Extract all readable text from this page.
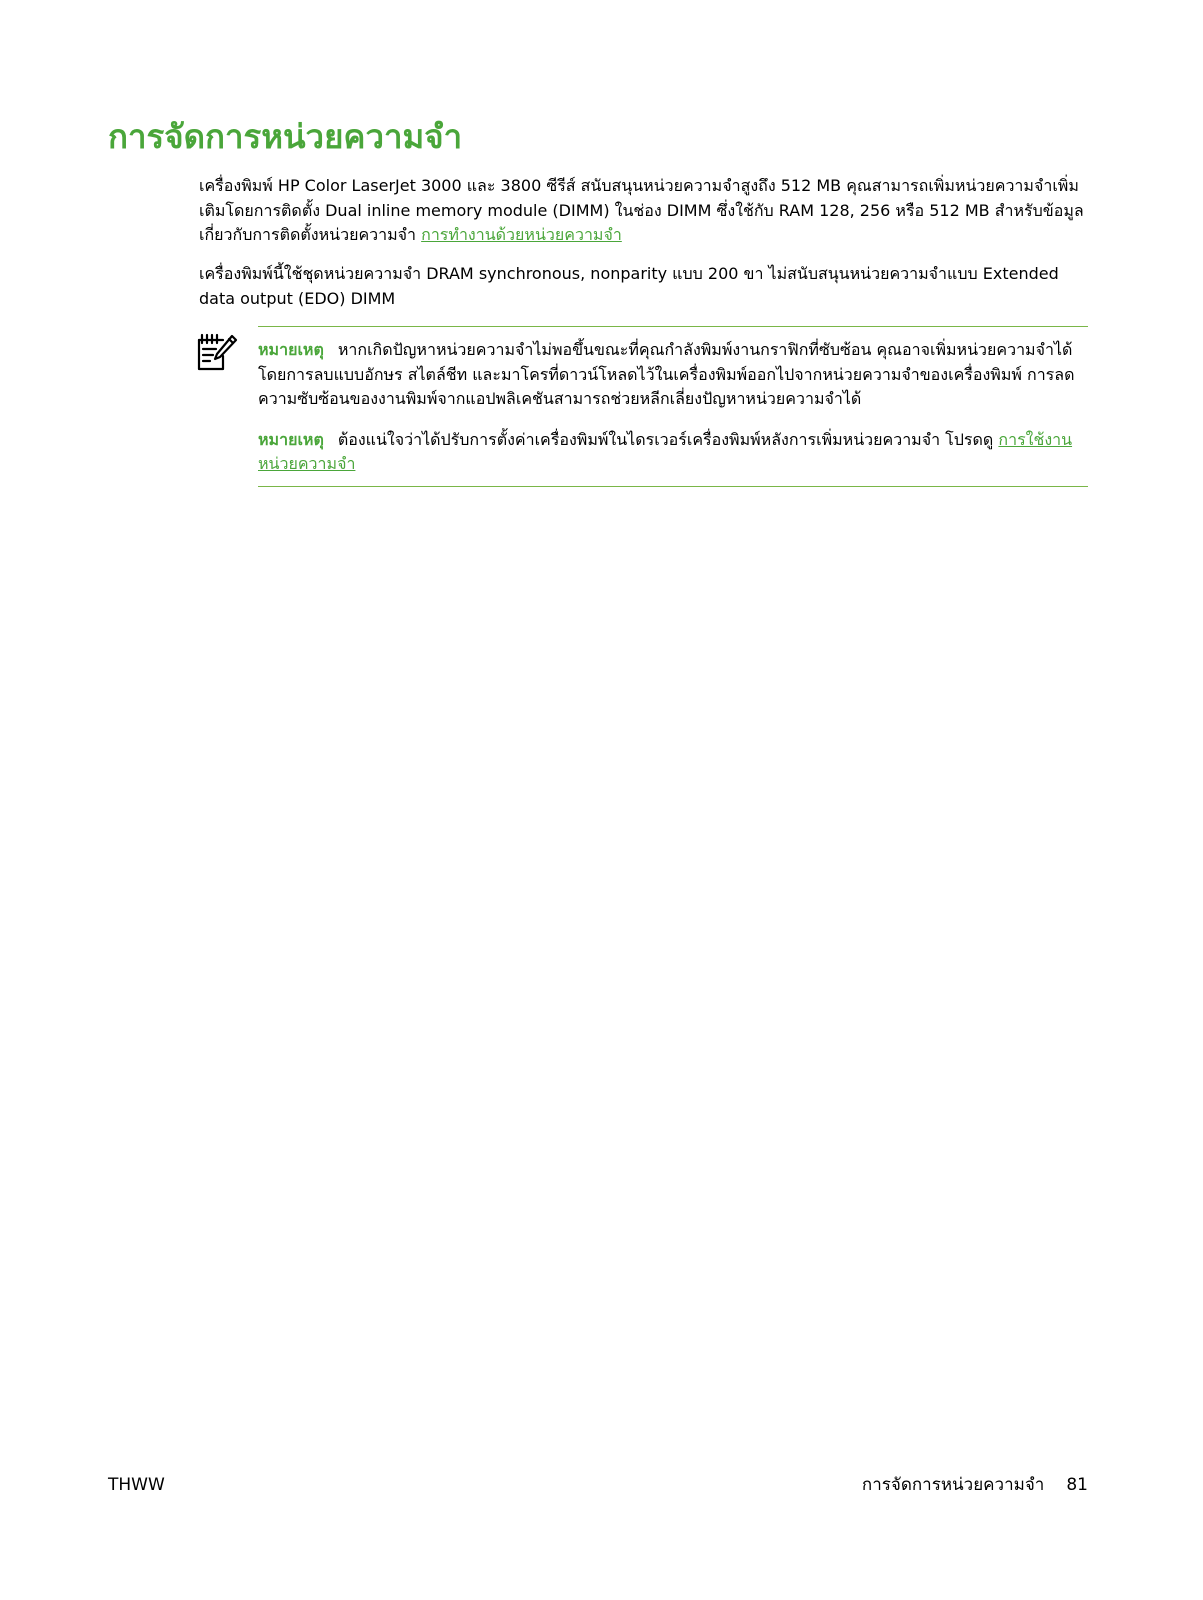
การจัดการหน่วยความจำ

เครื่องพิมพ์ HP Color LaserJet 3000 และ 3800 ซีรีส์ สนับสนุนหน่วยความจำสูงถึง 512 MB คุณสามารถเพิ่มหน่วยความจำเพิ่มเติมโดยการติดตั้ง Dual inline memory module (DIMM) ในช่อง DIMM ซึ่งใช้กับ RAM 128, 256 หรือ 512 MB สำหรับข้อมูลเกี่ยวกับการติดตั้งหน่วยความจำ การทำงานด้วยหน่วยความจำ

เครื่องพิมพ์นี้ใช้ชุดหน่วยความจำ DRAM synchronous, nonparity แบบ 200 ขา ไม่สนับสนุนหน่วยความจำแบบ Extended data output (EDO) DIMM

หมายเหตุ หากเกิดปัญหาหน่วยความจำไม่พอขึ้นขณะที่คุณกำลังพิมพ์งานกราฟิกที่ซับซ้อน คุณอาจเพิ่มหน่วยความจำได้โดยการลบแบบอักษร สไตล์ชีท และมาโครที่ดาวน์โหลดไว้ในเครื่องพิมพ์ออกไปจากหน่วยความจำของเครื่องพิมพ์ การลดความซับซ้อนของงานพิมพ์จากแอปพลิเคชันสามารถช่วยหลีกเลี่ยงปัญหาหน่วยความจำได้

หมายเหตุ ต้องแน่ใจว่าได้ปรับการตั้งค่าเครื่องพิมพ์ในไดรเวอร์เครื่องพิมพ์หลังการเพิ่มหน่วยความจำ โปรดดู การใช้งานหน่วยความจำ

THWW	การจัดการหน่วยความจำ 81
